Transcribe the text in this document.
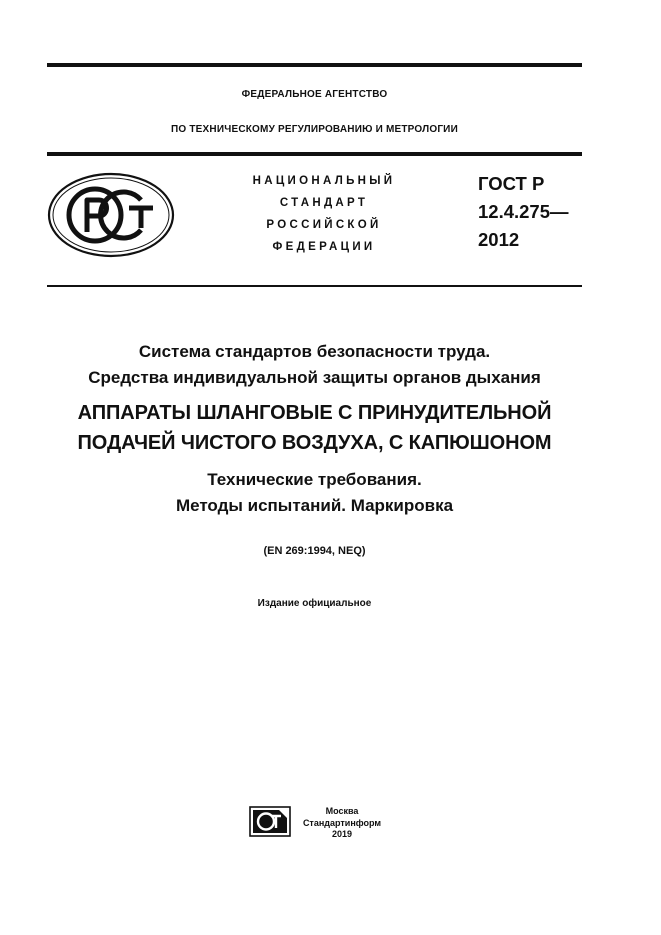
ФЕДЕРАЛЬНОЕ АГЕНТСТВО
ПО ТЕХНИЧЕСКОМУ РЕГУЛИРОВАНИЮ И МЕТРОЛОГИИ
НАЦИОНАЛЬНЫЙ
СТАНДАРТ
РОССИЙСКОЙ
ФЕДЕРАЦИИ
ГОСТ Р
12.4.275—
2012
Система стандартов безопасности труда.
Средства индивидуальной защиты органов дыхания
АППАРАТЫ ШЛАНГОВЫЕ С ПРИНУДИТЕЛЬНОЙ
ПОДАЧЕЙ ЧИСТОГО ВОЗДУХА, С КАПЮШОНОМ
Технические требования.
Методы испытаний. Маркировка
(EN 269:1994, NEQ)
Издание официальное
Москва
Стандартинформ
2019
